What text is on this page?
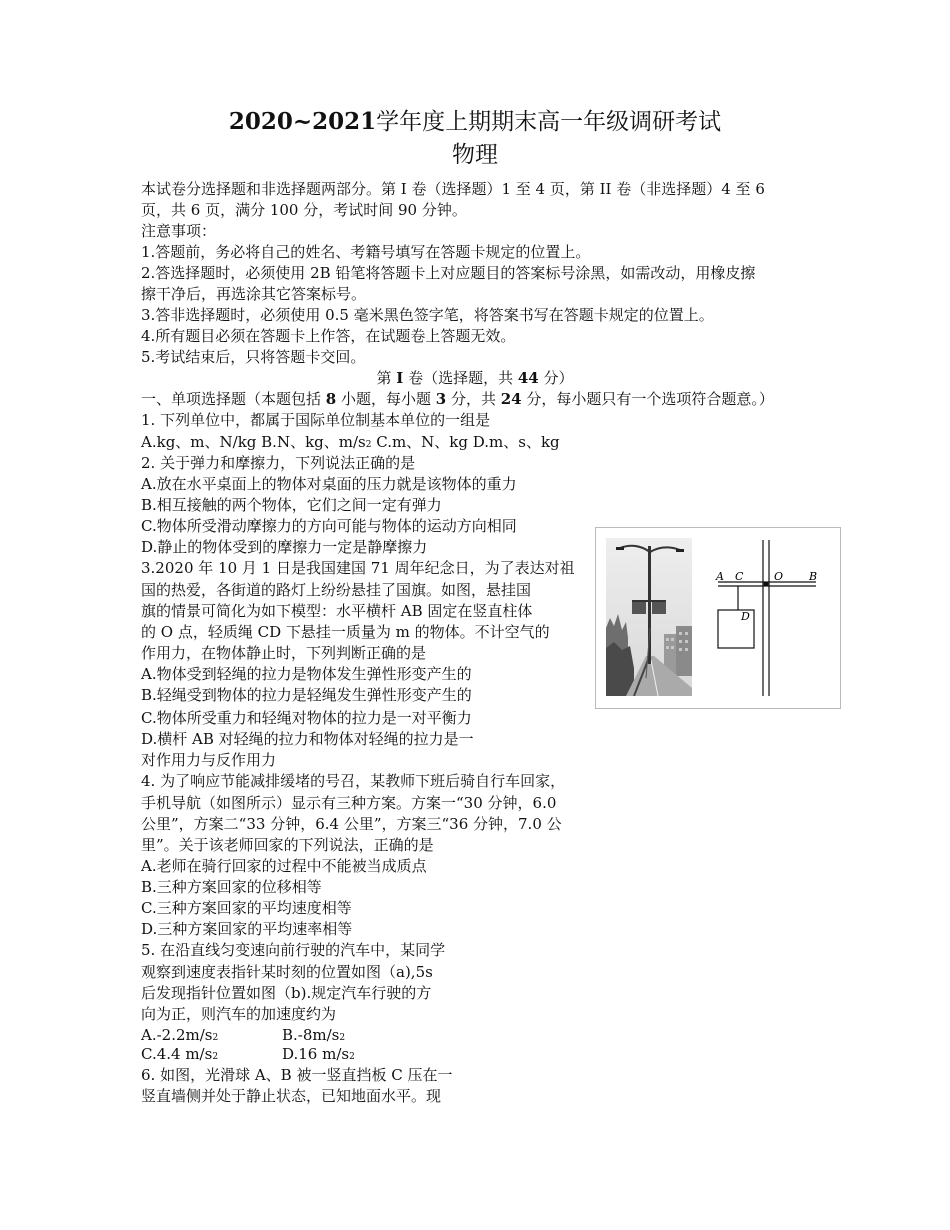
2020~2021学年度上期期末高一年级调研考试
物理
本试卷分选择题和非选择题两部分。第 I 卷（选择题）1 至 4 页，第 II 卷（非选择题）4 至 6
页，共 6 页，满分 100 分，考试时间 90 分钟。
注意事项：
1.答题前，务必将自己的姓名、考籍号填写在答题卡规定的位置上。
2.答选择题时，必须使用 2B 铅笔将答题卡上对应题目的答案标号涂黑，如需改动，用橡皮擦
擦干净后，再选涂其它答案标号。
3.答非选择题时，必须使用 0.5 毫米黑色签字笔，将答案书写在答题卡规定的位置上。
4.所有题目必须在答题卡上作答，在试题卷上答题无效。
5.考试结束后，只将答题卡交回。
第 I 卷（选择题，共 44 分）
一、单项选择题（本题包括 8 小题，每小题 3 分，共 24 分，每小题只有一个选项符合题意。）
1. 下列单位中，都属于国际单位制基本单位的一组是
A.kg、m、N/kg B.N、kg、m/s2 C.m、N、kg D.m、s、kg
2. 关于弹力和摩擦力，下列说法正确的是
A.放在水平桌面上的物体对桌面的压力就是该物体的重力
B.相互接触的两个物体，它们之间一定有弹力
C.物体所受滑动摩擦力的方向可能与物体的运动方向相同
D.静止的物体受到的摩擦力一定是静摩擦力
3.2020 年 10 月 1 日是我国建国 71 周年纪念日，为了表达对祖
国的热爱，各街道的路灯上纷纷悬挂了国旗。如图，悬挂国
旗的情景可简化为如下模型：水平横杆 AB 固定在竖直柱体
的 O 点，轻质绳 CD 下悬挂一质量为 m 的物体。不计空气的
作用力，在物体静止时，下列判断正确的是
A.物体受到轻绳的拉力是物体发生弹性形变产生的
B.轻绳受到物体的拉力是轻绳发生弹性形变产生的
C.物体所受重力和轻绳对物体的拉力是一对平衡力
D.横杆 AB 对轻绳的拉力和物体对轻绳的拉力是一
对作用力与反作用力
A C	O B
D
4. 为了响应节能减排缓堵的号召，某教师下班后骑自行车回家，
手机导航（如图所示）显示有三种方案。方案一“30 分钟，6.0
公里”，方案二“33 分钟，6.4 公里”，方案三“36 分钟，7.0 公
里”。关于该老师回家的下列说法，正确的是
A.老师在骑行回家的过程中不能被当成质点
B.三种方案回家的位移相等
C.三种方案回家的平均速度相等
D.三种方案回家的平均速率相等
5. 在沿直线匀变速向前行驶的汽车中，某同学
观察到速度表指针某时刻的位置如图（a),5s
后发现指针位置如图（b).规定汽车行驶的方
向为正，则汽车的加速度约为
A.-2.2m/s2	B.-8m/s2
C.4.4 m/s2	D.16 m/s2
6. 如图，光滑球 A、B 被一竖直挡板 C 压在一
竖直墙侧并处于静止状态，已知地面水平。现
